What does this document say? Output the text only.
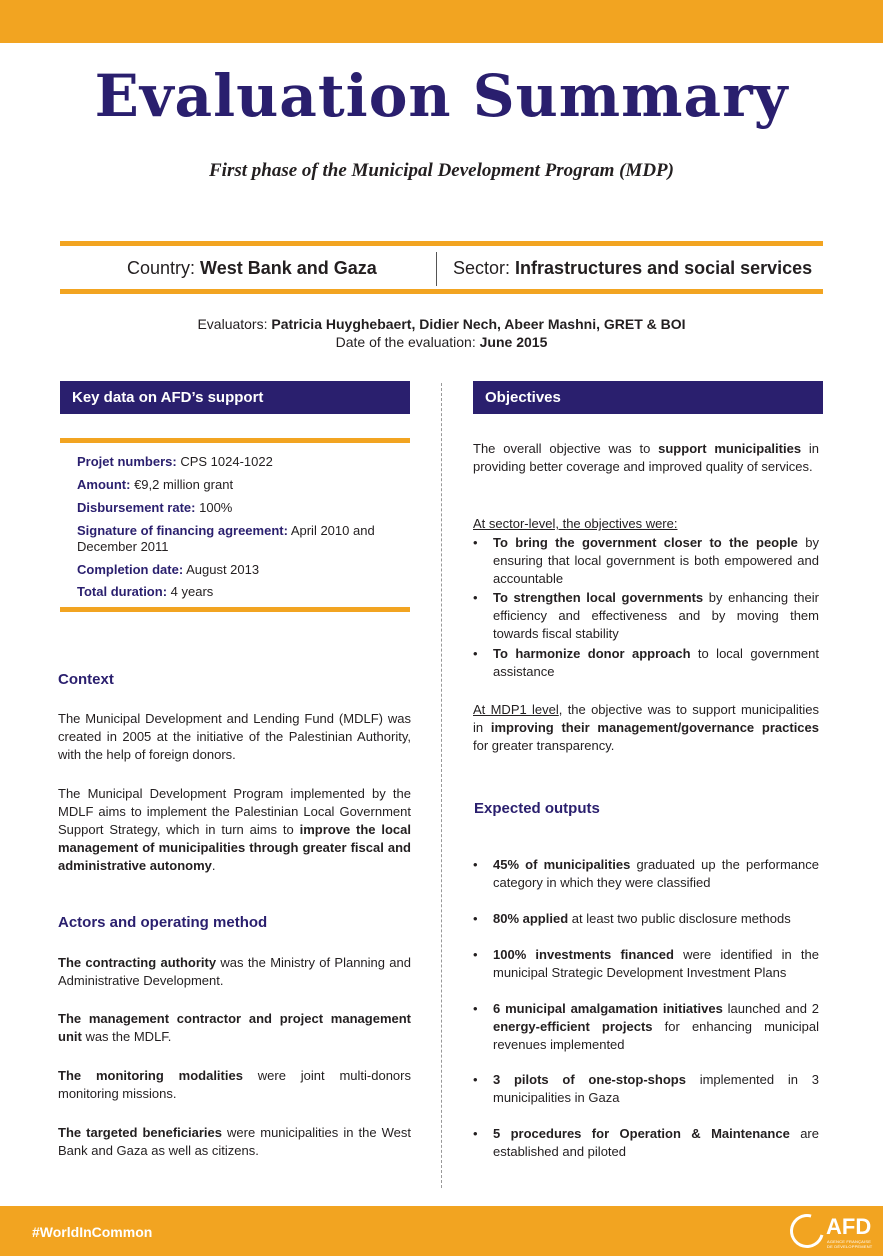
Evaluation Summary
First phase of the Municipal Development Program (MDP)
Country: West Bank and Gaza	Sector: Infrastructures and social services
Evaluators: Patricia Huyghebaert, Didier Nech, Abeer Mashni, GRET & BOI
Date of the evaluation: June 2015
Key data on AFD’s support
Projet numbers: CPS 1024-1022
Amount: €9,2 million grant
Disbursement rate: 100%
Signature of financing agreement: April 2010 and December 2011
Completion date: August 2013
Total duration: 4 years
Context
The Municipal Development and Lending Fund (MDLF) was created in 2005 at the initiative of the Palestinian Authority, with the help of foreign donors.
The Municipal Development Program implemented by the MDLF aims to implement the Palestinian Local Government Support Strategy, which in turn aims to improve the local management of municipalities through greater fiscal and administrative autonomy.
Actors and operating method
The contracting authority was the Ministry of Planning and Administrative Development.
The management contractor and project management unit was the MDLF.
The monitoring modalities were joint multi-donors monitoring missions.
The targeted beneficiaries were municipalities in the West Bank and Gaza as well as citizens.
Objectives
The overall objective was to support municipalities in providing better coverage and improved quality of services.
At sector-level, the objectives were:
• To bring the government closer to the people by ensuring that local government is both empowered and accountable
• To strengthen local governments by enhancing their efficiency and effectiveness and by moving them towards fiscal stability
• To harmonize donor approach to local government assistance
At MDP1 level, the objective was to support municipalities in improving their management/governance practices for greater transparency.
Expected outputs
• 45% of municipalities graduated up the performance category in which they were classified
• 80% applied at least two public disclosure methods
• 100% investments financed were identified in the municipal Strategic Development Investment Plans
• 6 municipal amalgamation initiatives launched and 2 energy-efficient projects for enhancing municipal revenues implemented
• 3 pilots of one-stop-shops implemented in 3 municipalities in Gaza
• 5 procedures for Operation & Maintenance are established and piloted
#WorldInCommon	AFD
AGENCE FRANÇAISE DE DÉVELOPPEMENT
